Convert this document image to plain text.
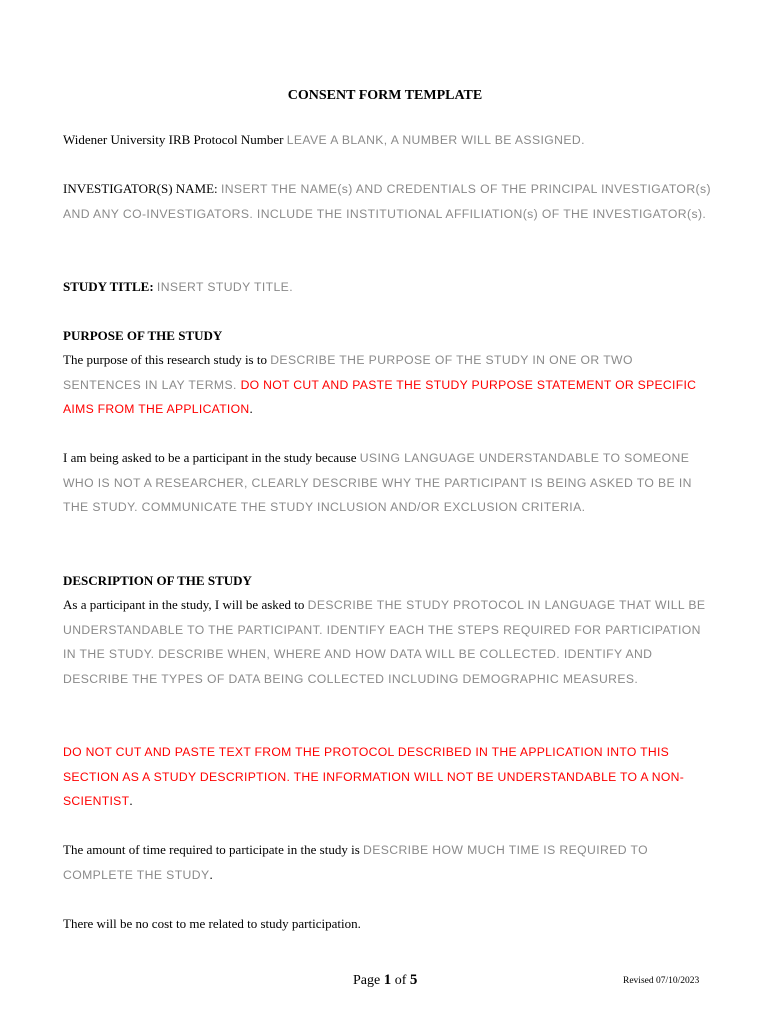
CONSENT FORM TEMPLATE
Widener University IRB Protocol Number LEAVE A BLANK, A NUMBER WILL BE ASSIGNED.
INVESTIGATOR(S) NAME: INSERT THE NAME(s) AND CREDENTIALS OF THE PRINCIPAL INVESTIGATOR(s) AND ANY CO-INVESTIGATORS. INCLUDE THE INSTITUTIONAL AFFILIATION(s) OF THE INVESTIGATOR(s).
STUDY TITLE: INSERT STUDY TITLE.
PURPOSE OF THE STUDY
The purpose of this research study is to DESCRIBE THE PURPOSE OF THE STUDY IN ONE OR TWO SENTENCES IN LAY TERMS. DO NOT CUT AND PASTE THE STUDY PURPOSE STATEMENT OR SPECIFIC AIMS FROM THE APPLICATION.
I am being asked to be a participant in the study because USING LANGUAGE UNDERSTANDABLE TO SOMEONE WHO IS NOT A RESEARCHER, CLEARLY DESCRIBE WHY THE PARTICIPANT IS BEING ASKED TO BE IN THE STUDY. COMMUNICATE THE STUDY INCLUSION AND/OR EXCLUSION CRITERIA.
DESCRIPTION OF THE STUDY
As a participant in the study, I will be asked to DESCRIBE THE STUDY PROTOCOL IN LANGUAGE THAT WILL BE UNDERSTANDABLE TO THE PARTICIPANT. IDENTIFY EACH THE STEPS REQUIRED FOR PARTICIPATION IN THE STUDY. DESCRIBE WHEN, WHERE AND HOW DATA WILL BE COLLECTED. IDENTIFY AND DESCRIBE THE TYPES OF DATA BEING COLLECTED INCLUDING DEMOGRAPHIC MEASURES.
DO NOT CUT AND PASTE TEXT FROM THE PROTOCOL DESCRIBED IN THE APPLICATION INTO THIS SECTION AS A STUDY DESCRIPTION. THE INFORMATION WILL NOT BE UNDERSTANDABLE TO A NON-SCIENTIST.
The amount of time required to participate in the study is DESCRIBE HOW MUCH TIME IS REQUIRED TO COMPLETE THE STUDY.
There will be no cost to me related to study participation.
Page 1 of 5	Revised 07/10/2023
